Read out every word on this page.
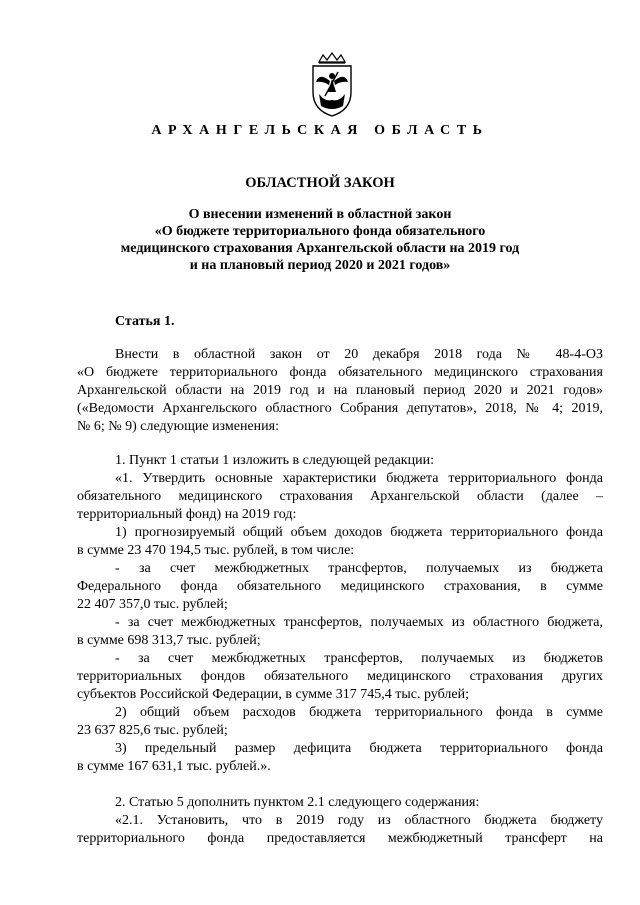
АРХАНГЕЛЬСКАЯ ОБЛАСТЬ
ОБЛАСТНОЙ ЗАКОН
О внесении изменений в областной закон
«О бюджете территориального фонда обязательного
медицинского страхования Архангельской области на 2019 год
и на плановый период 2020 и 2021 годов»
Статья 1.

Внести в областной закон от 20 декабря 2018 года № 48-4-ОЗ

«О бюджете территориального фонда обязательного медицинского страхования

Архангельской области на 2019 год и на плановый период 2020 и 2021 годов»

(«Ведомости Архангельского областного Собрания депутатов», 2018, № 4; 2019,

№ 6; № 9) следующие изменения:

1. Пункт 1 статьи 1 изложить в следующей редакции:

«1. Утвердить основные характеристики бюджета территориального фонда

обязательного медицинского страхования Архангельской области (далее –

территориальный фонд) на 2019 год:

1) прогнозируемый общий объем доходов бюджета территориального фонда

в сумме 23 470 194,5 тыс. рублей, в том числе:

- за счет межбюджетных трансфертов, получаемых из бюджета

Федерального фонда обязательного медицинского страхования, в сумме

22 407 357,0 тыс. рублей;

- за счет межбюджетных трансфертов, получаемых из областного бюджета,

в сумме 698 313,7 тыс. рублей;

- за счет межбюджетных трансфертов, получаемых из бюджетов

территориальных фондов обязательного медицинского страхования других

субъектов Российской Федерации, в сумме 317 745,4 тыс. рублей;

2) общий объем расходов бюджета территориального фонда в сумме

23 637 825,6 тыс. рублей;

3) предельный размер дефицита бюджета территориального фонда

в сумме 167 631,1 тыс. рублей.».

2. Статью 5 дополнить пунктом 2.1 следующего содержания:

«2.1. Установить, что в 2019 году из областного бюджета бюджету

территориального фонда предоставляется межбюджетный трансферт на
